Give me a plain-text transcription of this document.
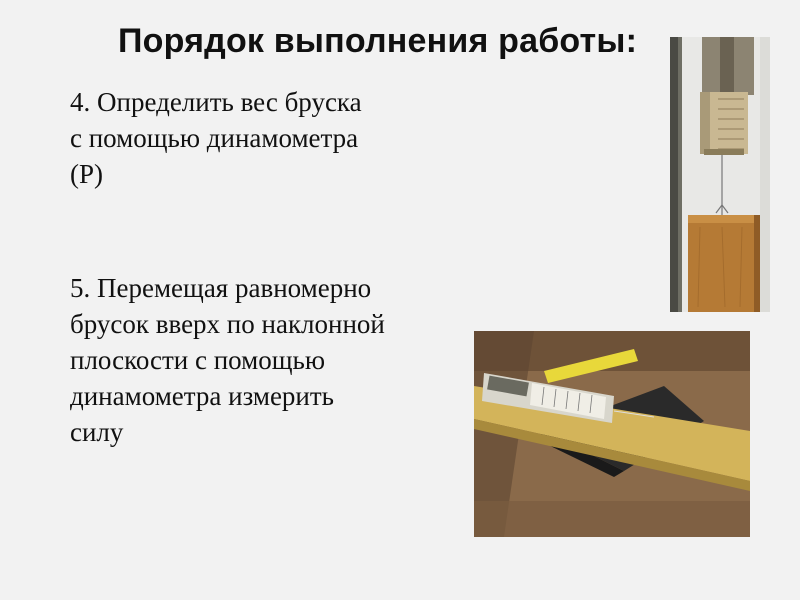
Порядок выполнения работы:
4. Определить вес бруска с помощью динамометра (Р)
5. Перемещая равномерно брусок вверх по наклонной плоскости с помощью динамометра измерить силу
